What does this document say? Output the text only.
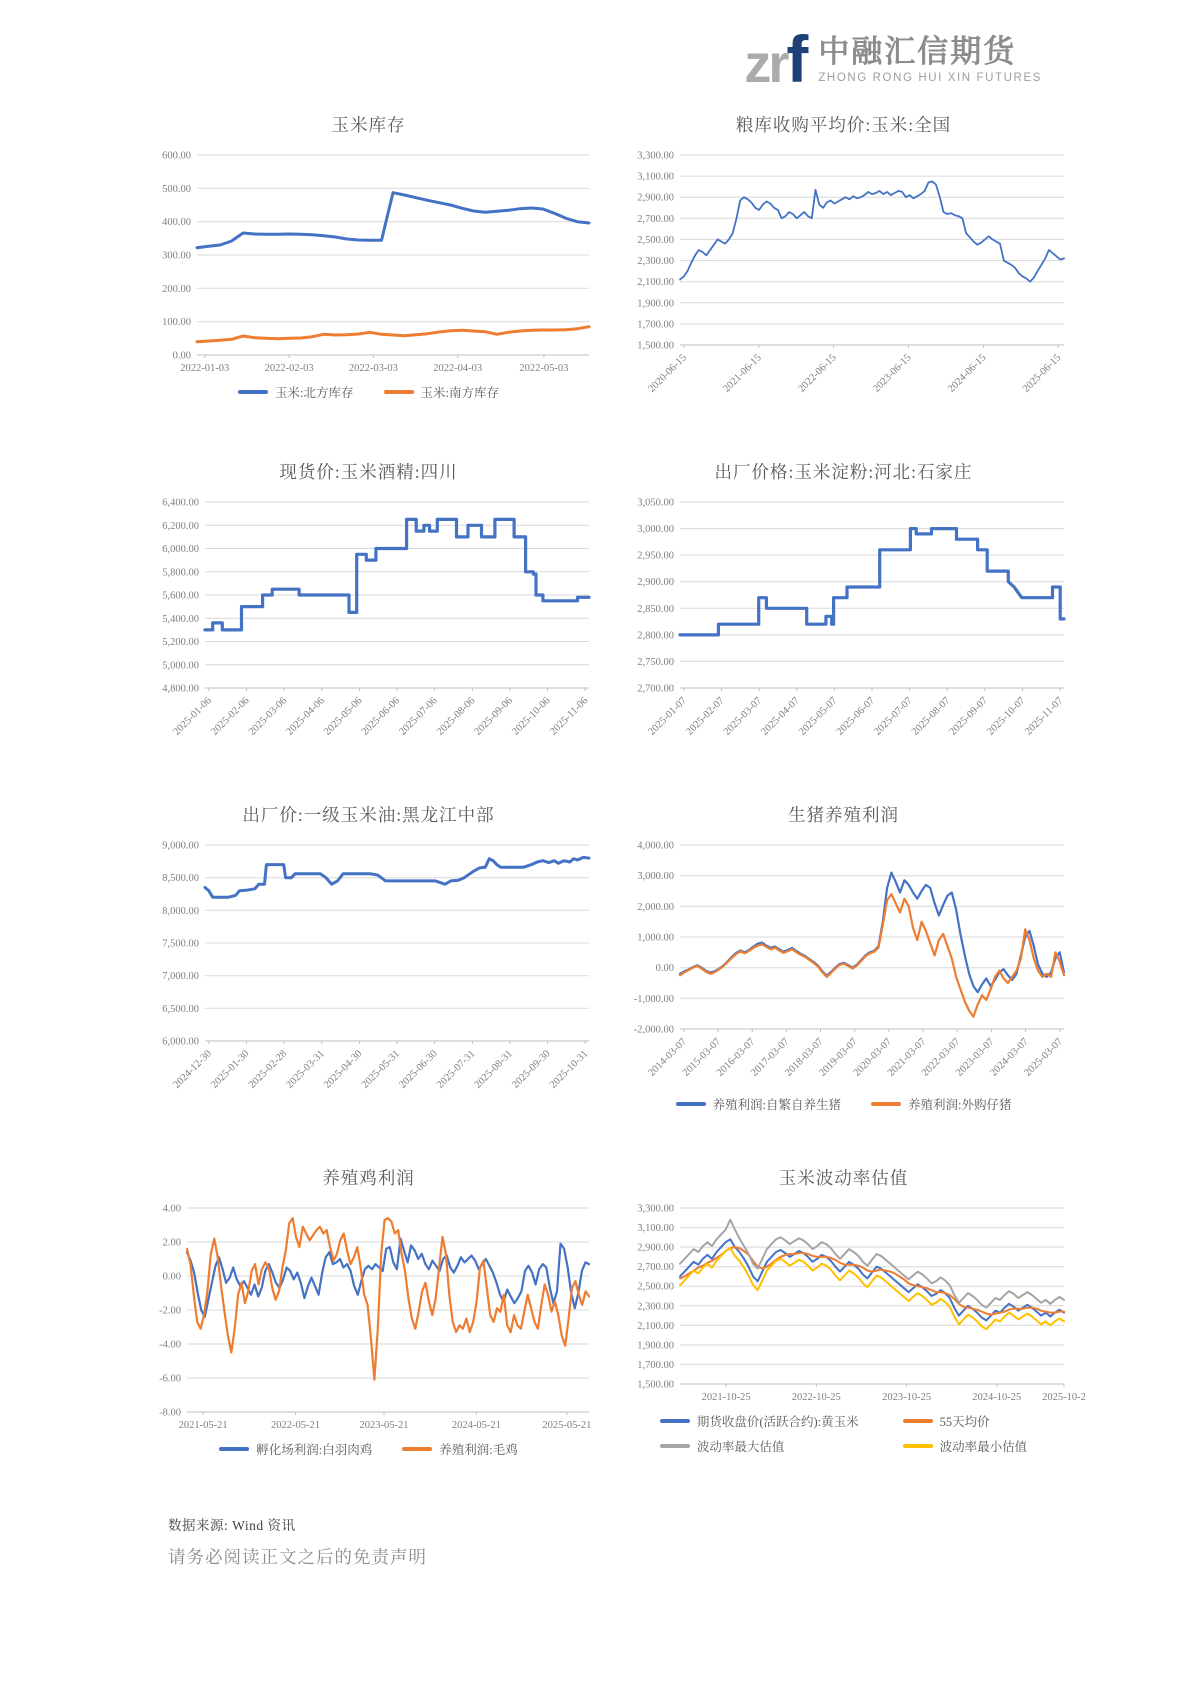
zrf 中融汇信期货
ZHONG RONG HUI XIN FUTURES
玉米库存
600.00
500.00
400.00
300.00
200.00
100.00
0.00
2022-01-03	2022-02-03	2022-03-03	2022-04-03	2022-05-03
玉米:北方库存	玉米:南方库存
粮库收购平均价:玉米:全国
3,300.00
3,100.00
2,900.00
2,700.00
2,500.00
2,300.00
2,100.00
1,900.00
1,700.00
1,500.00
2020-06-15	2021-06-15	2022-06-15	2023-06-15	2024-06-15	2025-06-15
现货价:玉米酒精:四川
6,400.00
6,200.00
6,000.00
5,800.00
5,600.00
5,400.00
5,200.00
5,000.00
4,800.00
2025-01-06
2025-02-06
2025-03-06
2025-04-06
2025-05-06
2025-06-06
2025-07-06
2025-08-06
2025-09-06
2025-10-06
2025-11-06
出厂价格:玉米淀粉:河北:石家庄
3,050.00
3,000.00
2,950.00
2,900.00
2,850.00
2,800.00
2,750.00
2,700.00
2025-01-07
2025-02-07
2025-03-07
2025-04-07
2025-05-07
2025-06-07
2025-07-07
2025-08-07
2025-09-07
2025-10-07
2025-11-07
出厂价:一级玉米油:黑龙江中部
9,000.00
8,500.00
8,000.00
7,500.00
7,000.00
6,500.00
6,000.00
2024-12-30
2025-01-30
2025-02-28
2025-03-31
2025-04-30
2025-05-31
2025-06-30
2025-07-31
2025-08-31
2025-09-30
2025-10-31
生猪养殖利润
4,000.00
3,000.00
2,000.00
1,000.00
0.00
-1,000.00
-2,000.00
2014-03-07
2015-03-07
2016-03-07
2017-03-07
2018-03-07
2019-03-07
2020-03-07
2021-03-07
2022-03-07
2023-03-07
2024-03-07
2025-03-07
养殖利润:自繁自养生猪	养殖利润:外购仔猪
养殖鸡利润
4.00
2.00
0.00
-2.00
-4.00
-6.00
-8.00
2021-05-21	2022-05-21	2023-05-21	2024-05-21	2025-05-21
孵化场利润:白羽肉鸡	养殖利润:毛鸡
玉米波动率估值
3,300.00
3,100.00
2,900.00
2,700.00
2,500.00
2,300.00
2,100.00
1,900.00
1,700.00
1,500.00
2021-10-25	2022-10-25	2023-10-25	2024-10-25 2025-10-2
期货收盘价(活跃合约):黄玉米	55天均价
波动率最大估值	波动率最小估值
数据来源: Wind 资讯
请务必阅读正文之后的免责声明
